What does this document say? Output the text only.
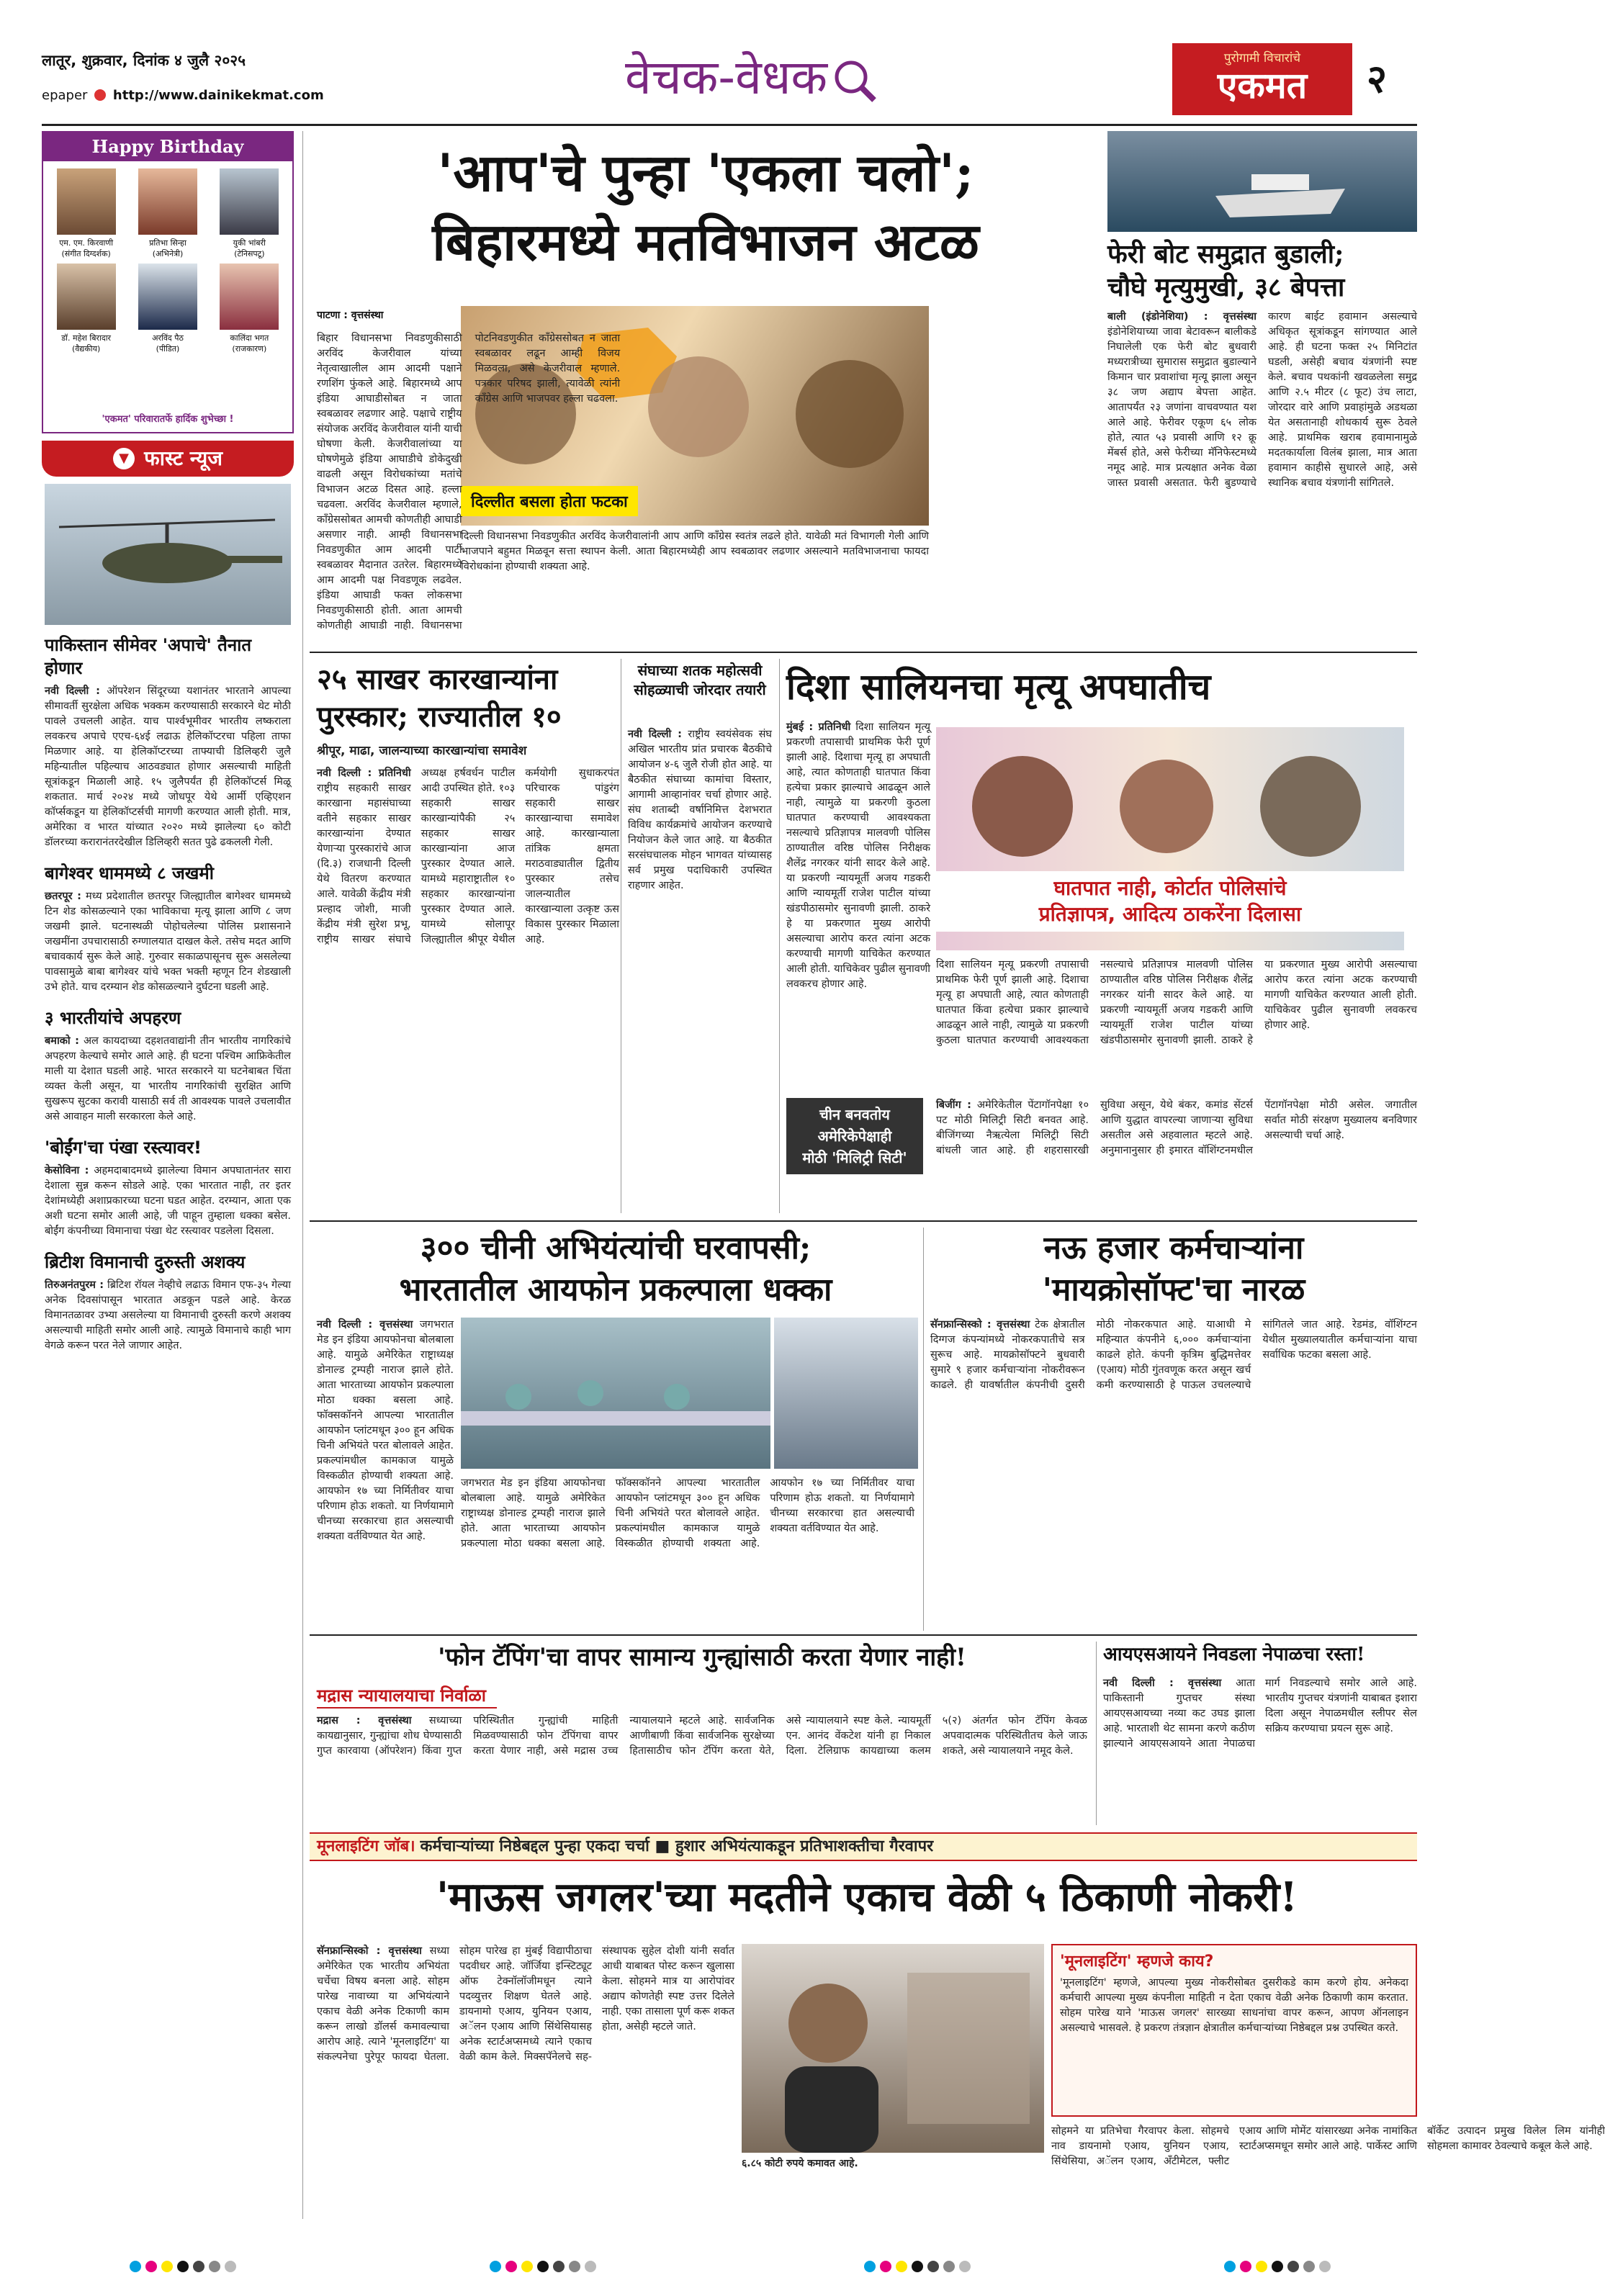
लातूर, शुक्रवार, दिनांक ४ जुलै २०२५
epaper http://www.dainikekmat.com	वेचक-वेधक	पुरोगामी विचारांचे
एकमत	२
Happy Birthday
एम. एम. किरवाणी
(संगीत दिग्दर्शक)
प्रतिभा सिन्हा
(अभिनेत्री)
युकी भांबरी
(टेनिसपटू)
डॉ. महेश बिरादार
(वैद्यकीय)
अरविंद पैठ
(पीडित)
कालिंदा भगत
(राजकारण)
'एकमत' परिवारातर्फे हार्दिक शुभेच्छा !
▼ फास्ट न्यूज
पाकिस्तान सीमेवर 'अपाचे' तैनात होणार
नवी दिल्ली : ऑपरेशन सिंदूरच्या यशानंतर भारताने आपल्या सीमावर्ती सुरक्षेला अधिक भक्कम करण्यासाठी सरकारने थेट मोठी पावले उचलली आहेत. याच पार्श्वभूमीवर भारतीय लष्कराला लवकरच अपाचे एएच-६४ई लढाऊ हेलिकॉप्टरचा पहिला ताफा मिळणार आहे. या हेलिकॉप्टरच्या ताफ्याची डिलिव्हरी जुलै महिन्यातील पहिल्याच आठवड्यात होणार असल्याची माहिती सूत्रांकडून मिळाली आहे. १५ जुलैपर्यंत ही हेलिकॉप्टर्स मिळू शकतात. मार्च २०२४ मध्ये जोधपूर येथे आर्मी एव्हिएशन कॉर्प्सकडून या हेलिकॉप्टर्सची मागणी करण्यात आली होती. मात्र, अमेरिका व भारत यांच्यात २०२० मध्ये झालेल्या ६० कोटी डॉलरच्या करारानंतरदेखील डिलिव्हरी सतत पुढे ढकलली गेली.
बागेश्वर धाममध्ये ८ जखमी
छतरपूर : मध्य प्रदेशातील छतरपूर जिल्ह्यातील बागेश्वर धाममध्ये टिन शेड कोसळल्याने एका भाविकाचा मृत्यू झाला आणि ८ जण जखमी झाले. घटनास्थळी पोहोचलेल्या पोलिस प्रशासनाने जखमींना उपचारासाठी रुग्णालयात दाखल केले. तसेच मदत आणि बचावकार्य सुरू केले आहे. गुरुवार सकाळपासूनच सुरू असलेल्या पावसामुळे बाबा बागेश्वर यांचे भक्त भक्ती म्हणून टिन शेडखाली उभे होते. याच दरम्यान शेड कोसळल्याने दुर्घटना घडली आहे.
३ भारतीयांचे अपहरण
बमाको : अल कायदाच्या दहशतवाद्यांनी तीन भारतीय नागरिकांचे अपहरण केल्याचे समोर आले आहे. ही घटना पश्चिम आफ्रिकेतील माली या देशात घडली आहे. भारत सरकारने या घटनेबाबत चिंता व्यक्त केली असून, या भारतीय नागरिकांची सुरक्षित आणि सुखरूप सुटका करावी यासाठी सर्व ती आवश्यक पावले उचलावीत असे आवाहन माली सरकारला केले आहे.
'बोईंग'चा पंखा रस्त्यावर!
केसोविना : अहमदाबादमध्ये झालेल्या विमान अपघातानंतर सारा देशाला सुन्न करून सोडले आहे. एका भारतात नाही, तर इतर देशांमध्येही अशाप्रकारच्या घटना घडत आहेत. दरम्यान, आता एक अशी घटना समोर आली आहे, जी पाहून तुम्हाला धक्का बसेल. बोईंग कंपनीच्या विमानाचा पंखा थेट रस्त्यावर पडलेला दिसला.
ब्रिटीश विमानाची दुरुस्ती अशक्य
तिरुअनंतपुरम : ब्रिटिश रॉयल नेव्हीचे लढाऊ विमान एफ-३५ गेल्या अनेक दिवसांपासून भारतात अडकून पडले आहे. केरळ विमानतळावर उभ्या असलेल्या या विमानाची दुरुस्ती करणे अशक्य असल्याची माहिती समोर आली आहे. त्यामुळे विमानाचे काही भाग वेगळे करून परत नेले जाणार आहेत.
'आप'चे पुन्हा 'एकला चलो';
बिहारमध्ये मतविभाजन अटळ
पाटणा : वृत्तसंस्था
दिल्लीत बसला होता फटका
दिल्ली विधानसभा निवडणुकीत अरविंद केजरीवालांनी आप आणि काँग्रेस स्वतंत्र लढले होते. यावेळी मतं विभागली गेली आणि भाजपाने बहुमत मिळवून सत्ता स्थापन केली. आता बिहारमध्येही आप स्वबळावर लढणार असल्याने मतविभाजनाचा फायदा विरोधकांना होण्याची शक्यता आहे.
बिहार विधानसभा निवडणुकीसाठी अरविंद केजरीवाल यांच्या नेतृत्वाखालील आम आदमी पक्षाने रणशिंग फुंकले आहे. बिहारमध्ये आप इंडिया आघाडीसोबत न जाता स्वबळावर लढणार आहे. पक्षाचे राष्ट्रीय संयोजक अरविंद केजरीवाल यांनी याची घोषणा केली. केजरीवालांच्या या घोषणेमुळे इंडिया आघाडीचे डोकेदुखी वाढली असून विरोधकांच्या मतांचे विभाजन अटळ दिसत आहे. हल्ला चढवला. अरविंद केजरीवाल म्हणाले, काँग्रेससोबत आमची कोणतीही आघाडी असणार नाही. आम्ही विधानसभा निवडणुकीत आम आदमी पार्टी स्वबळावर मैदानात उतरेल. बिहारमध्ये आम आदमी पक्ष निवडणूक लढवेल. इंडिया आघाडी फक्त लोकसभा निवडणुकीसाठी होती. आता आमची कोणतीही आघाडी नाही. विधानसभा पोटनिवडणुकीत काँग्रेससोबत न जाता स्वबळावर लढून आम्ही विजय मिळवला, असे केजरीवाल म्हणाले. पत्रकार परिषद झाली, त्यावेळी त्यांनी काँग्रेस आणि भाजपवर हल्ला चढवला.
फेरी बोट समुद्रात बुडाली;
चौघे मृत्युमुखी, ३८ बेपत्ता
बाली (इंडोनेशिया) : वृत्तसंस्था इंडोनेशियाच्या जावा बेटावरून बालीकडे निघालेली एक फेरी बोट बुधवारी मध्यरात्रीच्या सुमारास समुद्रात बुडाल्याने किमान चार प्रवाशांचा मृत्यू झाला असून ३८ जण अद्याप बेपत्ता आहेत. आतापर्यंत २३ जणांना वाचवण्यात यश आले आहे. फेरीवर एकूण ६५ लोक होते, त्यात ५३ प्रवासी आणि १२ क्रू मेंबर्स होते, असे फेरीच्या मॅनिफेस्टमध्ये नमूद आहे. मात्र प्रत्यक्षात अनेक वेळा जास्त प्रवासी असतात. फेरी बुडण्याचे कारण बाईट हवामान असल्याचे अधिकृत सूत्रांकडून सांगण्यात आले आहे. ही घटना फक्त २५ मिनिटांत घडली, असेही बचाव यंत्रणांनी स्पष्ट केले. बचाव पथकांनी खवळलेला समुद्र आणि २.५ मीटर (८ फूट) उंच लाटा, जोरदार वारे आणि प्रवाहांमुळे अडथळा येत असतानाही शोधकार्य सुरू ठेवले आहे. प्राथमिक खराब हवामानामुळे मदतकार्याला विलंब झाला, मात्र आता हवामान काहीसे सुधारले आहे, असे स्थानिक बचाव यंत्रणांनी सांगितले.
२५ साखर कारखान्यांना
पुरस्कार; राज्यातील १०
श्रीपूर, माढा, जालन्याच्या कारखान्यांचा समावेश
नवी दिल्ली : प्रतिनिधी राष्ट्रीय सहकारी साखर कारखाना महासंघाच्या वतीने सहकार साखर कारखान्यांना देण्यात येणाऱ्या पुरस्कारांचे आज (दि.३) राजधानी दिल्ली येथे वितरण करण्यात आले. यावेळी केंद्रीय मंत्री प्रल्हाद जोशी, माजी केंद्रीय मंत्री सुरेश प्रभू, राष्ट्रीय साखर संघाचे अध्यक्ष हर्षवर्धन पाटील आदी उपस्थित होते. १०३ सहकारी साखर कारखान्यांपैकी २५ सहकार साखर कारखान्यांना आज पुरस्कार देण्यात आले. यामध्ये महाराष्ट्रातील १० सहकार कारखान्यांना पुरस्कार देण्यात आले. यामध्ये सोलापूर जिल्ह्यातील श्रीपूर येथील कर्मयोगी सुधाकरपंत परिचारक पांडुरंग सहकारी साखर कारखान्याचा समावेश आहे. कारखान्याला तांत्रिक क्षमता मराठवाड्यातील द्वितीय पुरस्कार तसेच जालन्यातील कारखान्याला उत्कृष्ट ऊस विकास पुरस्कार मिळाला आहे.
संघाच्या शतक महोत्सवी सोहळ्याची जोरदार तयारी
नवी दिल्ली : राष्ट्रीय स्वयंसेवक संघ अखिल भारतीय प्रांत प्रचारक बैठकीचे आयोजन ४-६ जुलै रोजी होत आहे. या बैठकीत संघाच्या कामांचा विस्तार, आगामी आव्हानांवर चर्चा होणार आहे. संघ शताब्दी वर्षानिमित्त देशभरात विविध कार्यक्रमांचे आयोजन करण्याचे नियोजन केले जात आहे. या बैठकीत सरसंघचालक मोहन भागवत यांच्यासह सर्व प्रमुख पदाधिकारी उपस्थित राहणार आहेत.
दिशा सालियनचा मृत्यू अपघातीच
घातपात नाही, कोर्टात पोलिसांचे
प्रतिज्ञापत्र, आदित्य ठाकरेंना दिलासा
मुंबई : प्रतिनिधी दिशा सालियन मृत्यू प्रकरणी तपासाची प्राथमिक फेरी पूर्ण झाली आहे. दिशाचा मृत्यू हा अपघाती आहे, त्यात कोणताही घातपात किंवा हत्येचा प्रकार झाल्याचे आढळून आले नाही, त्यामुळे या प्रकरणी कुठला घातपात करण्याची आवश्यकता नसल्याचे प्रतिज्ञापत्र मालवणी पोलिस ठाण्यातील वरिष्ठ पोलिस निरीक्षक शैलेंद्र नगरकर यांनी सादर केले आहे. या प्रकरणी न्यायमूर्ती अजय गडकरी आणि न्यायमूर्ती राजेश पाटील यांच्या खंडपीठासमोर सुनावणी झाली. ठाकरे हे या प्रकरणात मुख्य आरोपी असल्याचा आरोप करत त्यांना अटक करण्याची मागणी याचिकेत करण्यात आली होती. याचिकेवर पुढील सुनावणी लवकरच होणार आहे.
दिशा सालियन मृत्यू प्रकरणी तपासाची प्राथमिक फेरी पूर्ण झाली आहे. दिशाचा मृत्यू हा अपघाती आहे, त्यात कोणताही घातपात किंवा हत्येचा प्रकार झाल्याचे आढळून आले नाही, त्यामुळे या प्रकरणी कुठला घातपात करण्याची आवश्यकता नसल्याचे प्रतिज्ञापत्र मालवणी पोलिस ठाण्यातील वरिष्ठ पोलिस निरीक्षक शैलेंद्र नगरकर यांनी सादर केले आहे. या प्रकरणी न्यायमूर्ती अजय गडकरी आणि न्यायमूर्ती राजेश पाटील यांच्या खंडपीठासमोर सुनावणी झाली. ठाकरे हे या प्रकरणात मुख्य आरोपी असल्याचा आरोप करत त्यांना अटक करण्याची मागणी याचिकेत करण्यात आली होती. याचिकेवर पुढील सुनावणी लवकरच होणार आहे.
चीन बनवतोय
अमेरिकेपेक्षाही
मोठी 'मिलिट्री सिटी'
बिजींग : अमेरिकेतील पेंटागॉनपेक्षा १० पट मोठी मिलिट्री सिटी बनवत आहे. बीजिंगच्या नैऋत्येला मिलिट्री सिटी बांधली जात आहे. ही शहरासारखी सुविधा असून, येथे बंकर, कमांड सेंटर्स आणि युद्धात वापरल्या जाणाऱ्या सुविधा असतील असे अहवालात म्हटले आहे. अनुमानानुसार ही इमारत वॉशिंग्टनमधील पेंटागॉनपेक्षा मोठी असेल. जगातील सर्वात मोठी संरक्षण मुख्यालय बनविणार असल्याची चर्चा आहे.
३०० चीनी अभियंत्यांची घरवापसी;
भारतातील आयफोन प्रकल्पाला धक्का
नवी दिल्ली : वृत्तसंस्था जगभरात मेड इन इंडिया आयफोनचा बोलबाला आहे. यामुळे अमेरिकेत राष्ट्राध्यक्ष डोनाल्ड ट्रम्पही नाराज झाले होते. आता भारताच्या आयफोन प्रकल्पाला मोठा धक्का बसला आहे. फॉक्सकॉनने आपल्या भारतातील आयफोन प्लांटमधून ३०० हून अधिक चिनी अभियंते परत बोलावले आहेत. प्रकल्पांमधील कामकाज यामुळे विस्कळीत होण्याची शक्यता आहे. आयफोन १७ च्या निर्मितीवर याचा परिणाम होऊ शकतो. या निर्णयामागे चीनच्या सरकारचा हात असल्याची शक्यता वर्तविण्यात येत आहे.
जगभरात मेड इन इंडिया आयफोनचा बोलबाला आहे. यामुळे अमेरिकेत राष्ट्राध्यक्ष डोनाल्ड ट्रम्पही नाराज झाले होते. आता भारताच्या आयफोन प्रकल्पाला मोठा धक्का बसला आहे. फॉक्सकॉनने आपल्या भारतातील आयफोन प्लांटमधून ३०० हून अधिक चिनी अभियंते परत बोलावले आहेत. प्रकल्पांमधील कामकाज यामुळे विस्कळीत होण्याची शक्यता आहे. आयफोन १७ च्या निर्मितीवर याचा परिणाम होऊ शकतो. या निर्णयामागे चीनच्या सरकारचा हात असल्याची शक्यता वर्तविण्यात येत आहे.
नऊ हजार कर्मचाऱ्यांना
'मायक्रोसॉफ्ट'चा नारळ
सॅनफ्रान्सिस्को : वृत्तसंस्था टेक क्षेत्रातील दिग्गज कंपन्यांमध्ये नोकरकपातीचे सत्र सुरूच आहे. मायक्रोसॉफ्टने बुधवारी सुमारे ९ हजार कर्मचाऱ्यांना नोकरीवरून काढले. ही यावर्षातील कंपनीची दुसरी मोठी नोकरकपात आहे. याआधी मे महिन्यात कंपनीने ६,००० कर्मचाऱ्यांना काढले होते. कंपनी कृत्रिम बुद्धिमत्तेवर (एआय) मोठी गुंतवणूक करत असून खर्च कमी करण्यासाठी हे पाऊल उचलल्याचे सांगितले जात आहे. रेडमंड, वॉशिंग्टन येथील मुख्यालयातील कर्मचाऱ्यांना याचा सर्वाधिक फटका बसला आहे.
'फोन टॅपिंग'चा वापर सामान्य गुन्ह्यांसाठी करता येणार नाही!
मद्रास न्यायालयाचा निर्वाळा
मद्रास : वृत्तसंस्था सध्याच्या कायद्यानुसार, गुन्ह्यांचा शोध घेण्यासाठी गुप्त कारवाया (ऑपरेशन) किंवा गुप्त परिस्थितीत गुन्ह्यांची माहिती मिळवण्यासाठी फोन टॅपिंगचा वापर करता येणार नाही, असे मद्रास उच्च न्यायालयाने म्हटले आहे. सार्वजनिक आणीबाणी किंवा सार्वजनिक सुरक्षेच्या हितासाठीच फोन टॅपिंग करता येते, असे न्यायालयाने स्पष्ट केले. न्यायमूर्ती एन. आनंद वेंकटेश यांनी हा निकाल दिला. टेलिग्राफ कायद्याच्या कलम ५(२) अंतर्गत फोन टॅपिंग केवळ अपवादात्मक परिस्थितीतच केले जाऊ शकते, असे न्यायालयाने नमूद केले.
आयएसआयने निवडला नेपाळचा रस्ता!
नवी दिल्ली : वृत्तसंस्था आता पाकिस्तानी गुप्तचर संस्था आयएसआयच्या नव्या कट उघड झाला आहे. भारताशी थेट सामना करणे कठीण झाल्याने आयएसआयने आता नेपाळचा मार्ग निवडल्याचे समोर आले आहे. भारतीय गुप्तचर यंत्रणांनी याबाबत इशारा दिला असून नेपाळमधील स्लीपर सेल सक्रिय करण्याचा प्रयत्न सुरू आहे.
मूनलाइटिंग जॉब। कर्मचाऱ्यांच्या निष्ठेबद्दल पुन्हा एकदा चर्चा ■ हुशार अभियंत्याकडून प्रतिभाशक्तीचा गैरवापर
'माऊस जगलर'च्या मदतीने एकाच वेळी ५ ठिकाणी नोकरी!
६.८५ कोटी रुपये कमावत आहे.
सॅनफ्रान्सिस्को : वृत्तसंस्था सध्या अमेरिकेत एक भारतीय अभियंता चर्चेचा विषय बनला आहे. सोहम पारेख नावाच्या या अभियंत्याने एकाच वेळी अनेक टिकाणी काम करून लाखो डॉलर्स कमावल्याचा आरोप आहे. त्याने 'मूनलाइटिंग' या संकल्पनेचा पुरेपूर फायदा घेतला. सोहम पारेख हा मुंबई विद्यापीठाचा पदवीधर आहे. जॉर्जिया इन्स्टिट्यूट ऑफ टेक्नॉलॉजीमधून त्याने पदव्युत्तर शिक्षण घेतले आहे. डायनामो एआय, युनियन एआय, अॅलन एआय आणि सिंथेसियासह अनेक स्टार्टअप्समध्ये त्याने एकाच वेळी काम केले. मिक्सपॅनेलचे सह-संस्थापक सुहेल दोशी यांनी सर्वात आधी याबाबत पोस्ट करून खुलासा केला. सोहमने मात्र या आरोपांवर अद्याप कोणतेही स्पष्ट उत्तर दिलेले नाही. एका तासाला पूर्ण करू शकत होता, असेही म्हटले जाते.
'मूनलाइटिंग' म्हणजे काय?
'मूनलाइटिंग' म्हणजे, आपल्या मुख्य नोकरीसोबत दुसरीकडे काम करणे होय. अनेकदा कर्मचारी आपल्या मुख्य कंपनीला माहिती न देता एकाच वेळी अनेक ठिकाणी काम करतात. सोहम पारेख याने 'माऊस जगलर' सारख्या साधनांचा वापर करून, आपण ऑनलाइन असल्याचे भासवले. हे प्रकरण तंत्रज्ञान क्षेत्रातील कर्मचाऱ्यांच्या निष्ठेबद्दल प्रश्न उपस्थित करते.
सोहमने या प्रतिभेचा गैरवापर केला. सोहमचे नाव डायनामो एआय, युनियन एआय, सिंथेसिया, अॅलन एआय, अँटीमेटल, फ्लीट एआय आणि मोमेंट यांसारख्या अनेक नामांकित स्टार्टअप्समधून समोर आले आहे. पार्केस्ट आणि बॉर्केट उत्पादन प्रमुख विलेल लिम यांनीही सोहमला कामावर ठेवल्याचे कबूल केले आहे.
